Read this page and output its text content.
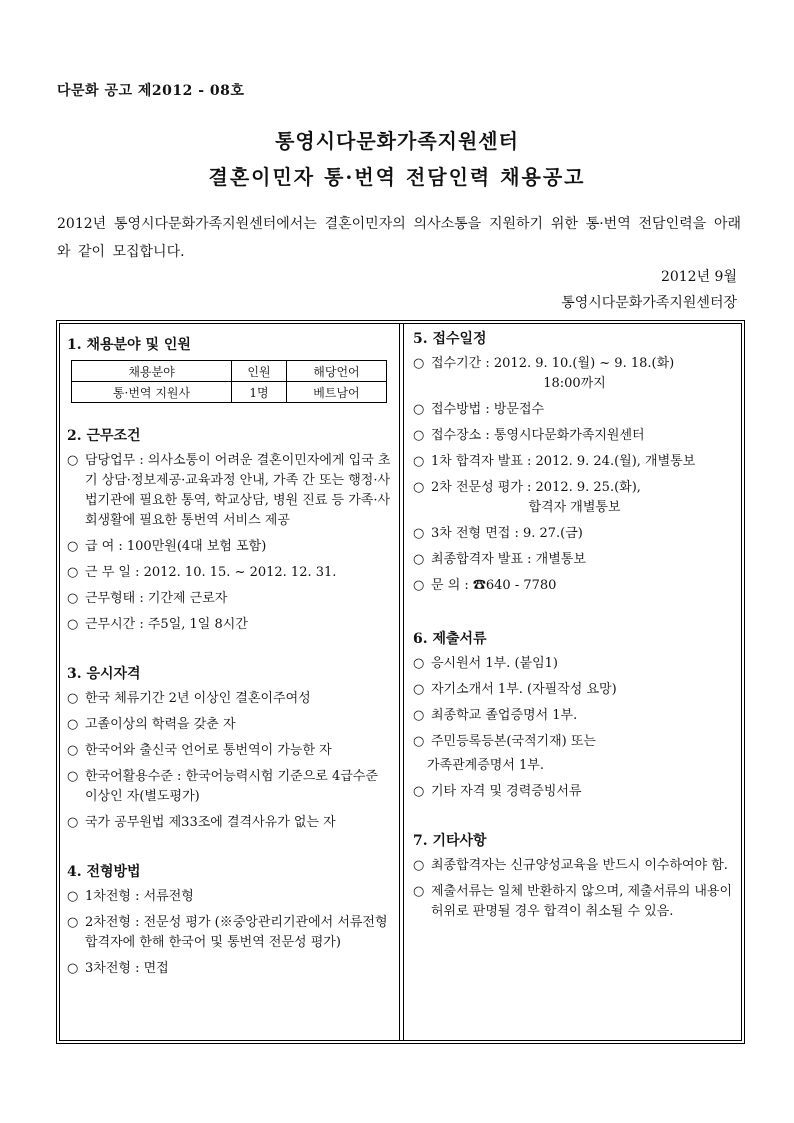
다문화 공고 제2012 - 08호
통영시다문화가족지원센터
결혼이민자 통·번역 전담인력 채용공고
2012년 통영시다문화가족지원센터에서는 결혼이민자의 의사소통을 지원하기 위한 통·번역 전담인력을 아래와 같이 모집합니다.
2012년 9월
통영시다문화가족지원센터장
1. 채용분야 및 인원
채용분야	인원	해당언어
통·번역 지원사	1명	베트남어
2. 근무조건
○ 담당업무 : 의사소통이 어려운 결혼이민자에게 입국 초기 상담·정보제공·교육과정 안내, 가족 간 또는 행정·사법기관에 필요한 통역, 학교상담, 병원 진료 등 가족·사회생활에 필요한 통번역 서비스 제공
○ 급 여 : 100만원(4대 보험 포함)
○ 근 무 일 : 2012. 10. 15. ~ 2012. 12. 31.
○ 근무형태 : 기간제 근로자
○ 근무시간 : 주5일, 1일 8시간
3. 응시자격
○ 한국 체류기간 2년 이상인 결혼이주여성
○ 고졸이상의 학력을 갖춘 자
○ 한국어와 출신국 언어로 통번역이 가능한 자
○ 한국어활용수준 : 한국어능력시험 기준으로 4급수준 이상인 자(별도평가)
○ 국가 공무원법 제33조에 결격사유가 없는 자
4. 전형방법
○ 1차전형 : 서류전형
○ 2차전형 : 전문성 평가 (※중앙관리기관에서 서류전형합격자에 한해 한국어 및 통번역 전문성 평가)
○ 3차전형 : 면접
5. 접수일정
○ 접수기간 : 2012. 9. 10.(월) ~ 9. 18.(화)
18:00까지
○ 접수방법 : 방문접수
○ 접수장소 : 통영시다문화가족지원센터
○ 1차 합격자 발표 : 2012. 9. 24.(월), 개별통보
○ 2차 전문성 평가 : 2012. 9. 25.(화),
합격자 개별통보
○ 3차 전형 면접 : 9. 27.(금)
○ 최종합격자 발표 : 개별통보
○ 문 의 : ☎640 - 7780
6. 제출서류
○ 응시원서 1부. (붙임1)
○ 자기소개서 1부. (자필작성 요망)
○ 최종학교 졸업증명서 1부.
○ 주민등록등본(국적기재) 또는
가족관계증명서 1부.
○ 기타 자격 및 경력증빙서류
7. 기타사항
○ 최종합격자는 신규양성교육을 반드시 이수하여야 함.
○ 제출서류는 일체 반환하지 않으며, 제출서류의 내용이 허위로 판명될 경우 합격이 취소될 수 있음.
